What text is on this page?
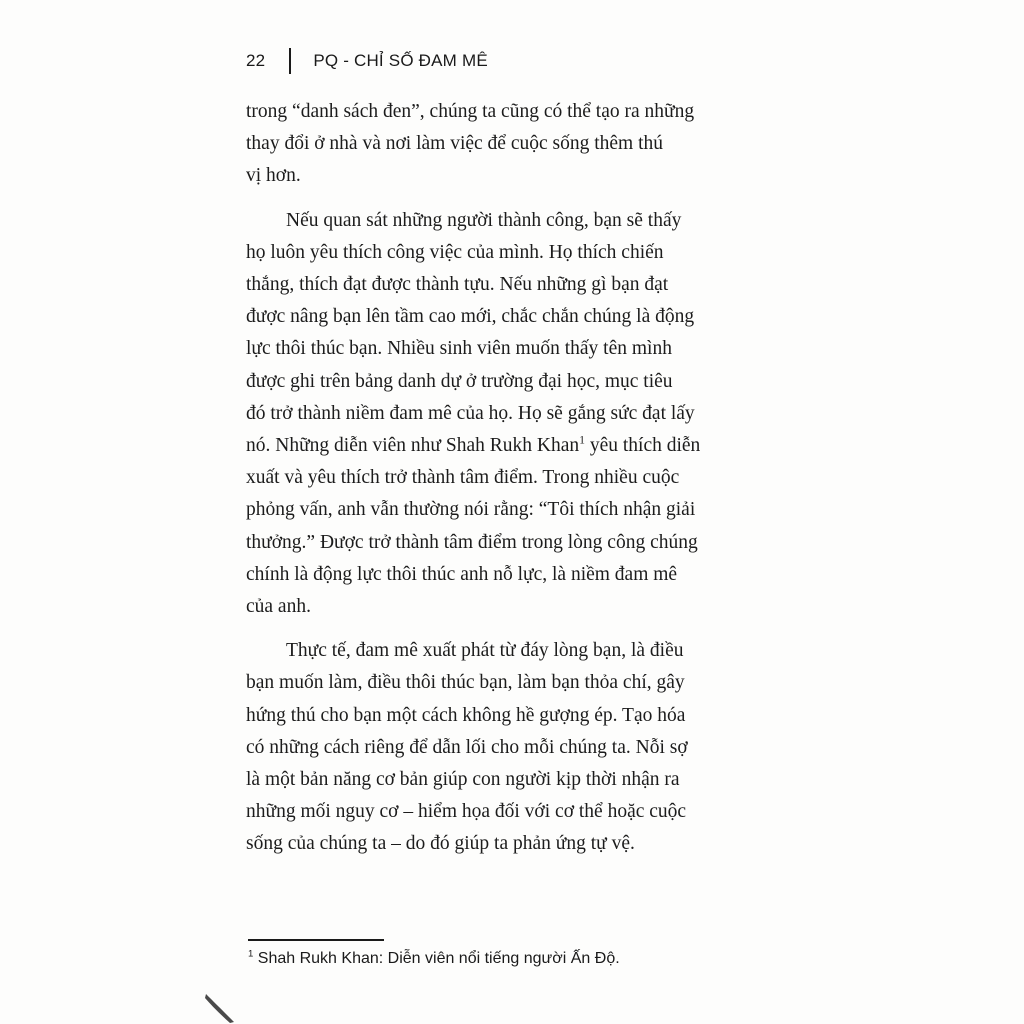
22	PQ - CHỈ SỐ ĐAM MÊ
trong “danh sách đen”, chúng ta cũng có thể tạo ra những
thay đổi ở nhà và nơi làm việc để cuộc sống thêm thú
vị hơn.
Nếu quan sát những người thành công, bạn sẽ thấy
họ luôn yêu thích công việc của mình. Họ thích chiến
thắng, thích đạt được thành tựu. Nếu những gì bạn đạt
được nâng bạn lên tầm cao mới, chắc chắn chúng là động
lực thôi thúc bạn. Nhiều sinh viên muốn thấy tên mình
được ghi trên bảng danh dự ở trường đại học, mục tiêu
đó trở thành niềm đam mê của họ. Họ sẽ gắng sức đạt lấy
nó. Những diễn viên như Shah Rukh Khan$^1$ yêu thích diễn
xuất và yêu thích trở thành tâm điểm. Trong nhiều cuộc
phỏng vấn, anh vẫn thường nói rằng: “Tôi thích nhận giải
thưởng.” Được trở thành tâm điểm trong lòng công chúng
chính là động lực thôi thúc anh nỗ lực, là niềm đam mê
của anh.
Thực tế, đam mê xuất phát từ đáy lòng bạn, là điều
bạn muốn làm, điều thôi thúc bạn, làm bạn thỏa chí, gây
hứng thú cho bạn một cách không hề gượng ép. Tạo hóa
có những cách riêng để dẫn lối cho mỗi chúng ta. Nỗi sợ
là một bản năng cơ bản giúp con người kịp thời nhận ra
những mối nguy cơ – hiểm họa đối với cơ thể hoặc cuộc
sống của chúng ta – do đó giúp ta phản ứng tự vệ.
$^1$ Shah Rukh Khan: Diễn viên nổi tiếng người Ấn Độ.
